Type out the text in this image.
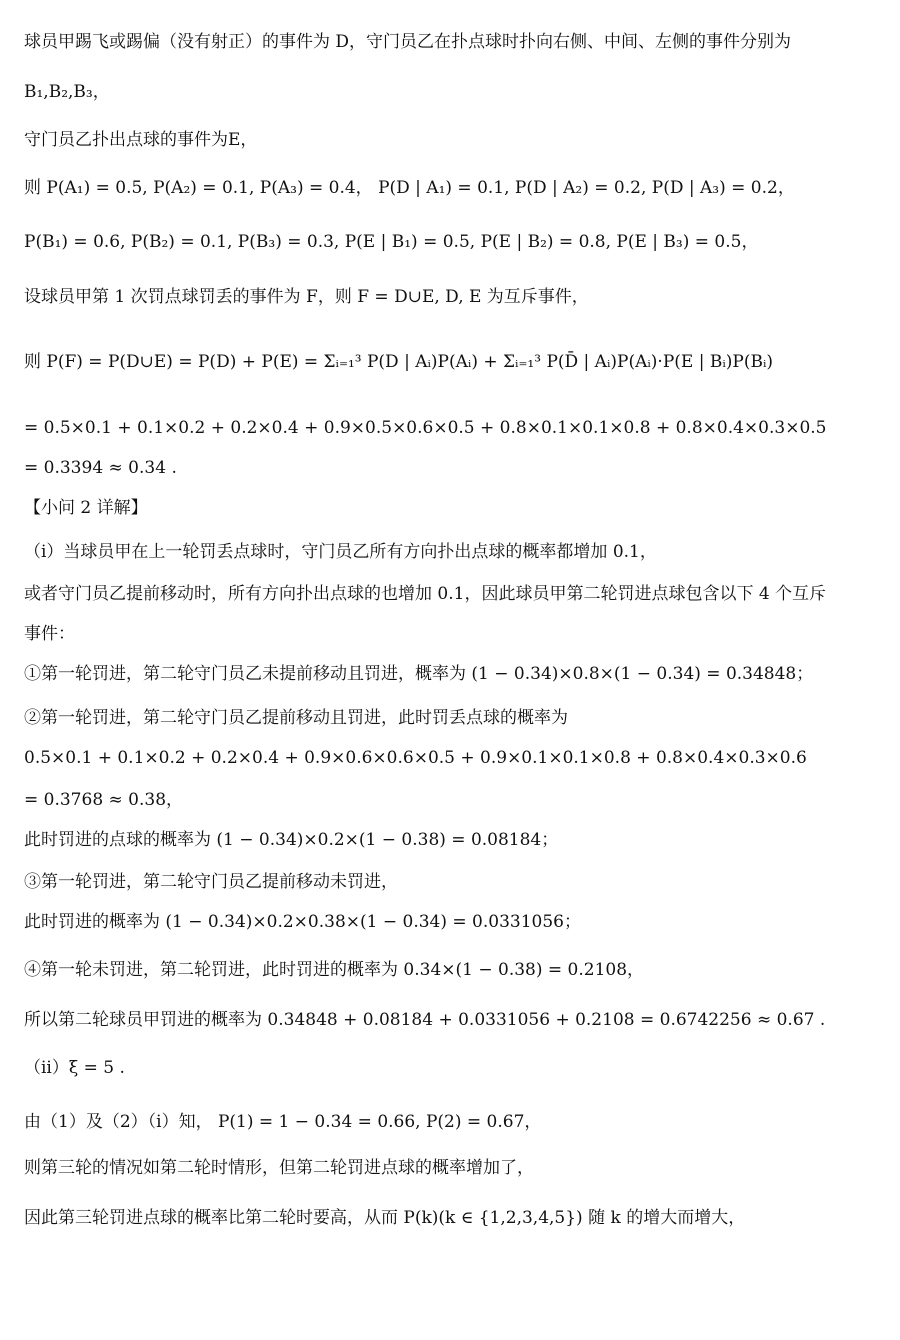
球员甲踢飞或踢偏（没有射正）的事件为 D，守门员乙在扑点球时扑向右侧、中间、左侧的事件分别为
B₁,B₂,B₃，
守门员乙扑出点球的事件为E，
则 P(A₁) = 0.5, P(A₂) = 0.1, P(A₃) = 0.4， P(D | A₁) = 0.1, P(D | A₂) = 0.2, P(D | A₃) = 0.2，
P(B₁) = 0.6, P(B₂) = 0.1, P(B₃) = 0.3, P(E | B₁) = 0.5, P(E | B₂) = 0.8, P(E | B₃) = 0.5，
设球员甲第 1 次罚点球罚丢的事件为 F，则 F = D∪E, D, E 为互斥事件，
则 P(F) = P(D∪E) = P(D) + P(E) = Σᵢ₌₁³ P(D | Aᵢ)P(Aᵢ) + Σᵢ₌₁³ P(D̄ | Aᵢ)P(Aᵢ)·P(E | Bᵢ)P(Bᵢ)
= 0.5×0.1 + 0.1×0.2 + 0.2×0.4 + 0.9×0.5×0.6×0.5 + 0.8×0.1×0.1×0.8 + 0.8×0.4×0.3×0.5
= 0.3394 ≈ 0.34 .
【小问 2 详解】
（i）当球员甲在上一轮罚丢点球时，守门员乙所有方向扑出点球的概率都增加 0.1，
或者守门员乙提前移动时，所有方向扑出点球的也增加 0.1，因此球员甲第二轮罚进点球包含以下 4 个互斥
事件：
①第一轮罚进，第二轮守门员乙未提前移动且罚进，概率为 (1 − 0.34)×0.8×(1 − 0.34) = 0.34848；
②第一轮罚进，第二轮守门员乙提前移动且罚进，此时罚丢点球的概率为
0.5×0.1 + 0.1×0.2 + 0.2×0.4 + 0.9×0.6×0.6×0.5 + 0.9×0.1×0.1×0.8 + 0.8×0.4×0.3×0.6
= 0.3768 ≈ 0.38，
此时罚进的点球的概率为 (1 − 0.34)×0.2×(1 − 0.38) = 0.08184；
③第一轮罚进，第二轮守门员乙提前移动未罚进，
此时罚进的概率为 (1 − 0.34)×0.2×0.38×(1 − 0.34) = 0.0331056；
④第一轮未罚进，第二轮罚进，此时罚进的概率为 0.34×(1 − 0.38) = 0.2108，
所以第二轮球员甲罚进的概率为 0.34848 + 0.08184 + 0.0331056 + 0.2108 = 0.6742256 ≈ 0.67 .
（ii）ξ = 5 .
由（1）及（2）（i）知， P(1) = 1 − 0.34 = 0.66, P(2) = 0.67，
则第三轮的情况如第二轮时情形，但第二轮罚进点球的概率增加了，
因此第三轮罚进点球的概率比第二轮时要高，从而 P(k)(k ∈ {1,2,3,4,5}) 随 k 的增大而增大，
